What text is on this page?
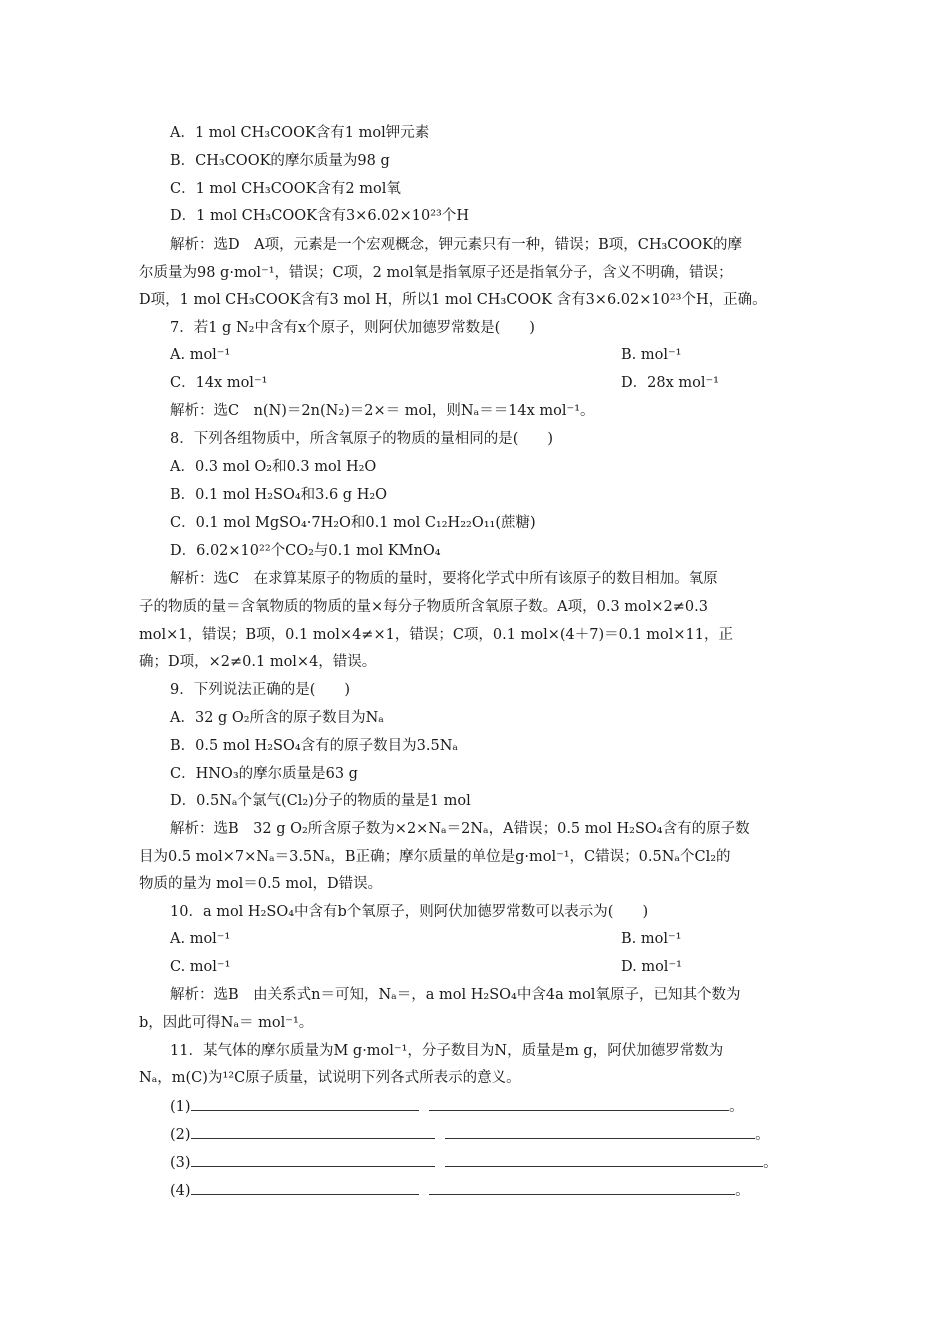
A．1 mol CH₃COOK含有1 mol钾元素
B．CH₃COOK的摩尔质量为98 g
C．1 mol CH₃COOK含有2 mol氧
D．1 mol CH₃COOK含有3×6.02×10²³个H
解析：选D　A项，元素是一个宏观概念，钾元素只有一种，错误；B项，CH₃COOK的摩
尔质量为98 g·mol⁻¹，错误；C项，2 mol氧是指氧原子还是指氧分子，含义不明确，错误；
D项，1 mol CH₃COOK含有3 mol H，所以1 mol CH₃COOK 含有3×6.02×10²³个H，正确。
7．若1 g N₂中含有x个原子，则阿伏加德罗常数是(　　)
A. mol⁻¹	B. mol⁻¹
C．14x mol⁻¹	D．28x mol⁻¹
解析：选C　n(N)＝2n(N₂)＝2×＝ mol，则Nₐ＝＝14x mol⁻¹。
8．下列各组物质中，所含氧原子的物质的量相同的是(　　)
A．0.3 mol O₂和0.3 mol H₂O
B．0.1 mol H₂SO₄和3.6 g H₂O
C．0.1 mol MgSO₄·7H₂O和0.1 mol C₁₂H₂₂O₁₁(蔗糖)
D．6.02×10²²个CO₂与0.1 mol KMnO₄
解析：选C　在求算某原子的物质的量时，要将化学式中所有该原子的数目相加。氧原
子的物质的量＝含氧物质的物质的量×每分子物质所含氧原子数。A项，0.3 mol×2≠0.3
mol×1，错误；B项，0.1 mol×4≠×1，错误；C项，0.1 mol×(4＋7)＝0.1 mol×11，正
确；D项，×2≠0.1 mol×4，错误。
9．下列说法正确的是(　　)
A．32 g O₂所含的原子数目为Nₐ
B．0.5 mol H₂SO₄含有的原子数目为3.5Nₐ
C．HNO₃的摩尔质量是63 g
D．0.5Nₐ个氯气(Cl₂)分子的物质的量是1 mol
解析：选B　32 g O₂所含原子数为×2×Nₐ＝2Nₐ，A错误；0.5 mol H₂SO₄含有的原子数
目为0.5 mol×7×Nₐ＝3.5Nₐ，B正确；摩尔质量的单位是g·mol⁻¹，C错误；0.5Nₐ个Cl₂的
物质的量为 mol＝0.5 mol，D错误。
10．a mol H₂SO₄中含有b个氧原子，则阿伏加德罗常数可以表示为(　　)
A. mol⁻¹	B. mol⁻¹
C. mol⁻¹	D. mol⁻¹
解析：选B　由关系式n＝可知，Nₐ＝，a mol H₂SO₄中含4a mol氧原子，已知其个数为
b，因此可得Nₐ＝ mol⁻¹。
11．某气体的摩尔质量为M g·mol⁻¹，分子数目为N，质量是m g，阿伏加德罗常数为
Nₐ，m(C)为¹²C原子质量，试说明下列各式所表示的意义。
(1)	。
(2)	。
(3)	。
(4)	。
